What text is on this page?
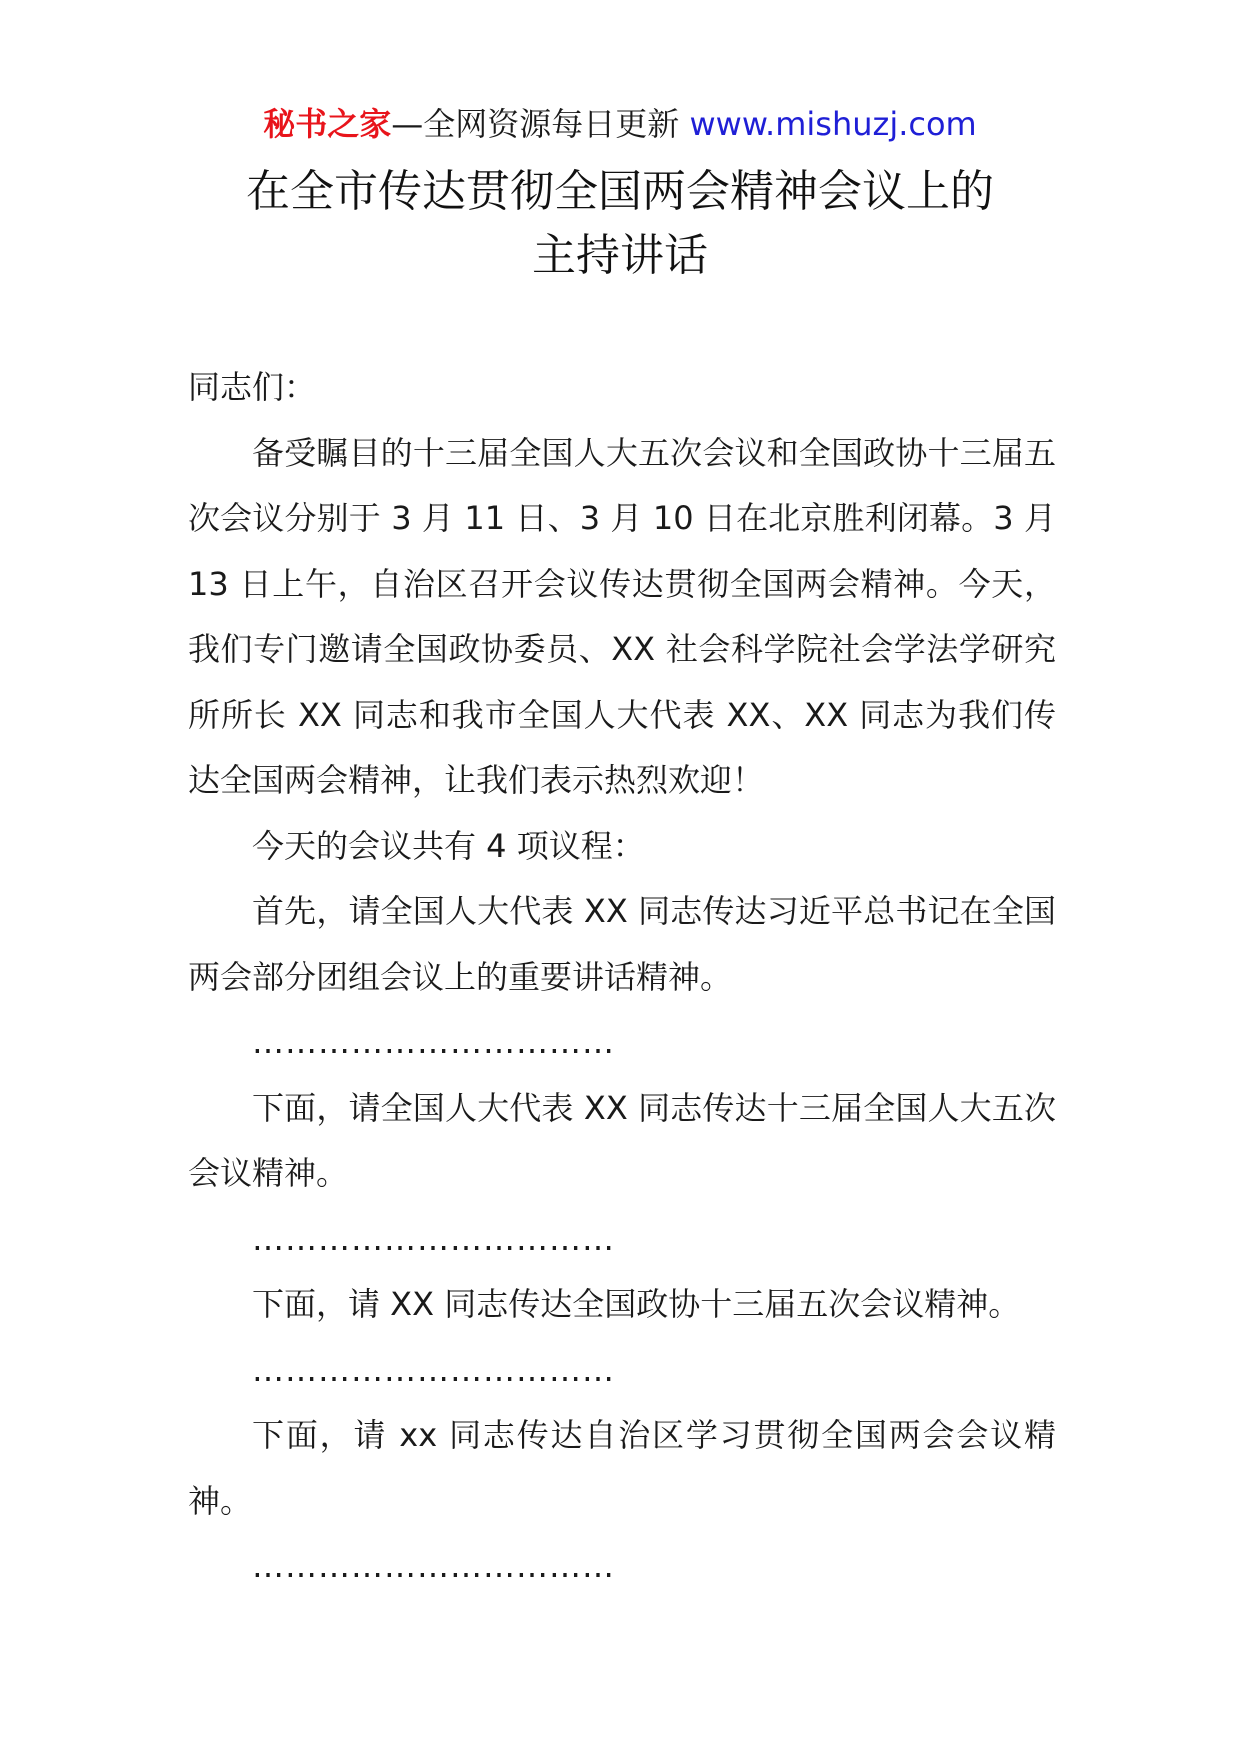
秘书之家—全网资源每日更新 www.mishuzj.com
在全市传达贯彻全国两会精神会议上的
主持讲话

同志们：

备受瞩目的十三届全国人大五次会议和全国政协十三届五次会议分别于 3 月 11 日、3 月 10 日在北京胜利闭幕。3 月 13 日上午，自治区召开会议传达贯彻全国两会精神。今天，我们专门邀请全国政协委员、XX 社会科学院社会学法学研究所所长 XX 同志和我市全国人大代表 XX、XX 同志为我们传达全国两会精神，让我们表示热烈欢迎！

今天的会议共有 4 项议程：

首先，请全国人大代表 XX 同志传达习近平总书记在全国两会部分团组会议上的重要讲话精神。

……………………………

下面，请全国人大代表 XX 同志传达十三届全国人大五次会议精神。

……………………………

下面，请 XX 同志传达全国政协十三届五次会议精神。

……………………………

下面，请 xx 同志传达自治区学习贯彻全国两会会议精神。

……………………………
